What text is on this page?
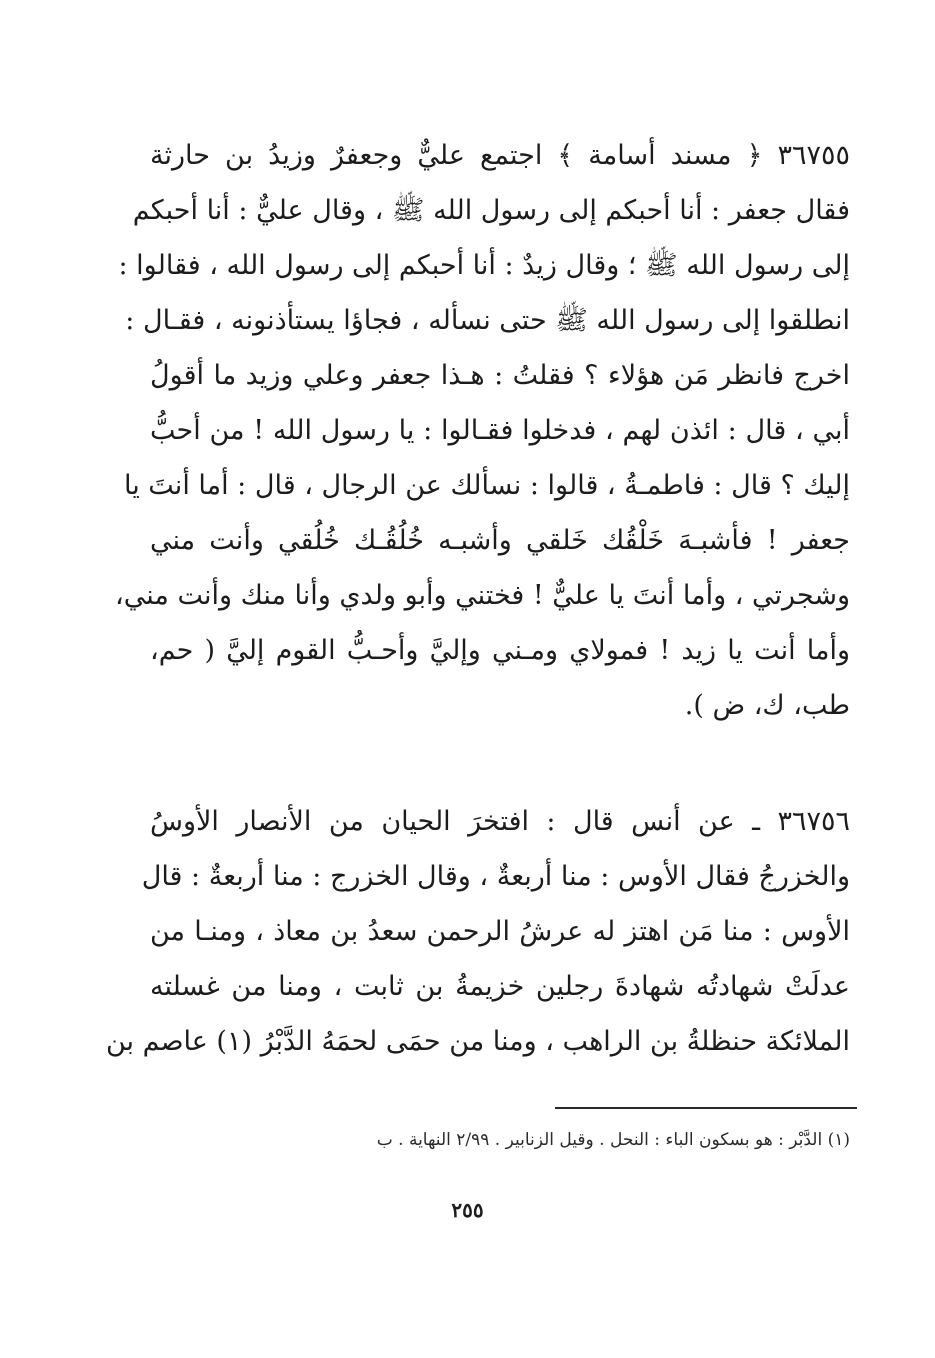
٣٦٧٥٥ ﴿ مسند أسامة ﴾ اجتمع عليٌّ وجعفرٌ وزيدُ بن حارثة
فقال جعفر : أنا أحبكم إلى رسول الله ﷺ ، وقال عليٌّ : أنا أحبكم
إلى رسول الله ﷺ ؛ وقال زيدٌ : أنا أحبكم إلى رسول الله ، فقالوا :
انطلقوا إلى رسول الله ﷺ حتى نسأله ، فجاؤا يستأذنونه ، فقـال :
اخرج فانظر مَن هؤلاء ؟ فقلتُ : هـذا جعفر وعلي وزيد ما أقولُ
أبي ، قال : ائذن لهم ، فدخلوا فقـالوا : يا رسول الله ! من أحبُّ
إليك ؟ قال : فاطمـةُ ، قالوا : نسألك عن الرجال ، قال : أما أنتَ يا
جعفر ! فأشبـهَ خَلْقُك خَلقي وأشبـه خُلُقُـك خُلُقي وأنت مني
وشجرتي ، وأما أنتَ يا عليٌّ ! فختني وأبو ولدي وأنا منك وأنت مني،
وأما أنت يا زيد ! فمولاي ومـني وإليَّ وأحـبُّ القوم إليَّ ( حم،
طب، ك، ض ).
٣٦٧٥٦ ـ عن أنس قال : افتخرَ الحيان من الأنصار الأوسُ
والخزرجُ فقال الأوس : منا أربعةٌ ، وقال الخزرج : منا أربعةٌ : قال
الأوس : منا مَن اهتز له عرشُ الرحمن سعدُ بن معاذ ، ومنـا من
عدلَتْ شهادتُه شهادةَ رجلين خزيمةُ بن ثابت ، ومنا من غسلته
الملائكة حنظلةُ بن الراهب ، ومنا من حمَى لحمَهُ الدَّبْرُ (١) عاصم بن
(١) الدَّبْر : هو بسكون الباء : النحل . وقيل الزنابير . ٢/٩٩ النهاية . ب
٢٥٥
